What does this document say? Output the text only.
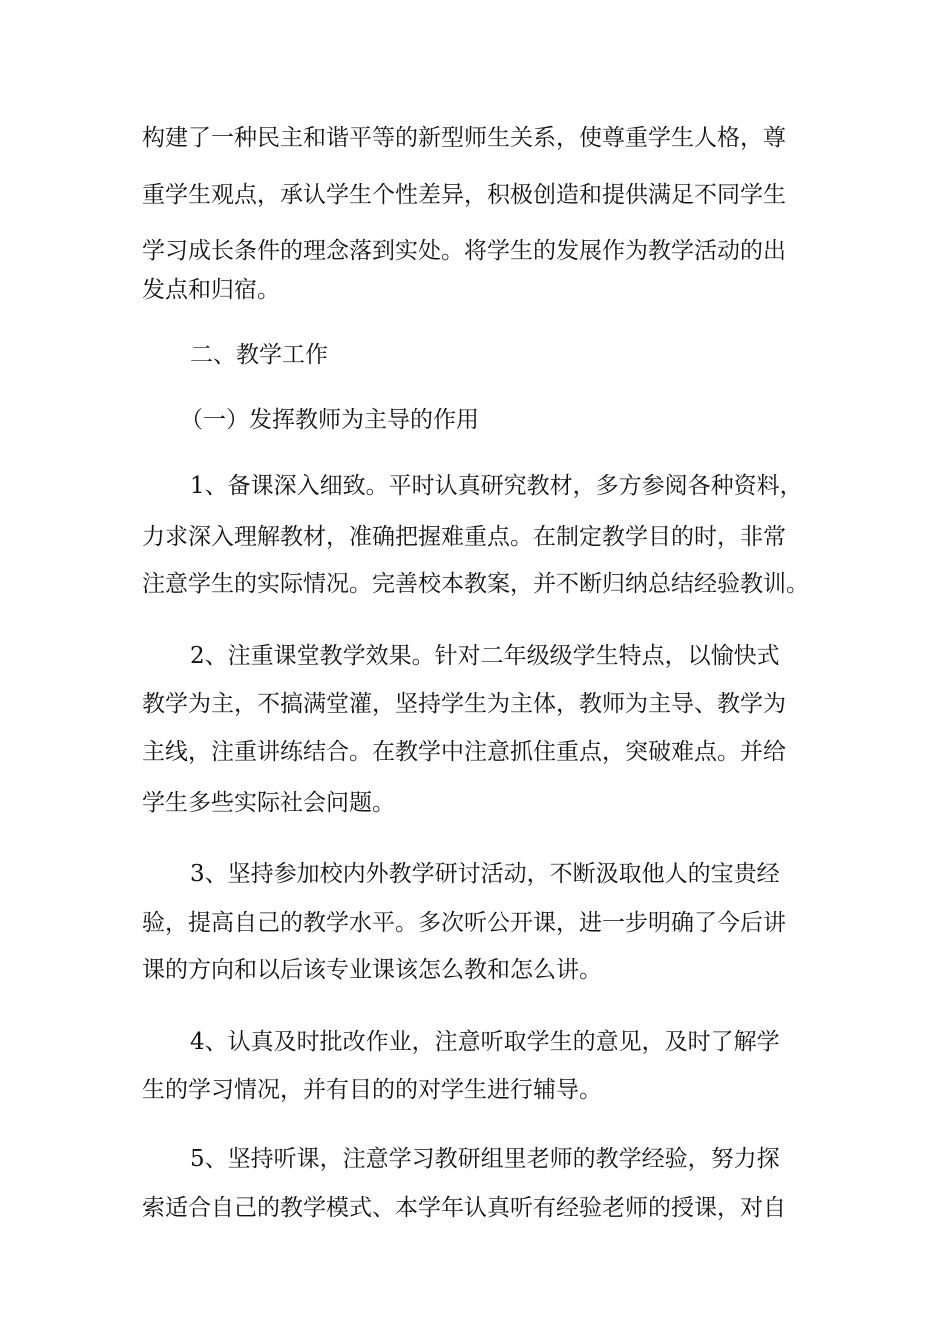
构建了一种民主和谐平等的新型师生关系，使尊重学生人格，尊
重学生观点，承认学生个性差异，积极创造和提供满足不同学生
学习成长条件的理念落到实处。将学生的发展作为教学活动的出
发点和归宿。
二、教学工作
（一）发挥教师为主导的作用
1、备课深入细致。平时认真研究教材，多方参阅各种资料，
力求深入理解教材，准确把握难重点。在制定教学目的时，非常
注意学生的实际情况。完善校本教案，并不断归纳总结经验教训。
2、注重课堂教学效果。针对二年级级学生特点，以愉快式
教学为主，不搞满堂灌，坚持学生为主体，教师为主导、教学为
主线，注重讲练结合。在教学中注意抓住重点，突破难点。并给
学生多些实际社会问题。
3、坚持参加校内外教学研讨活动，不断汲取他人的宝贵经
验，提高自己的教学水平。多次听公开课，进一步明确了今后讲
课的方向和以后该专业课该怎么教和怎么讲。
4、认真及时批改作业，注意听取学生的意见，及时了解学
生的学习情况，并有目的的对学生进行辅导。
5、坚持听课，注意学习教研组里老师的教学经验，努力探
索适合自己的教学模式、本学年认真听有经验老师的授课，对自
